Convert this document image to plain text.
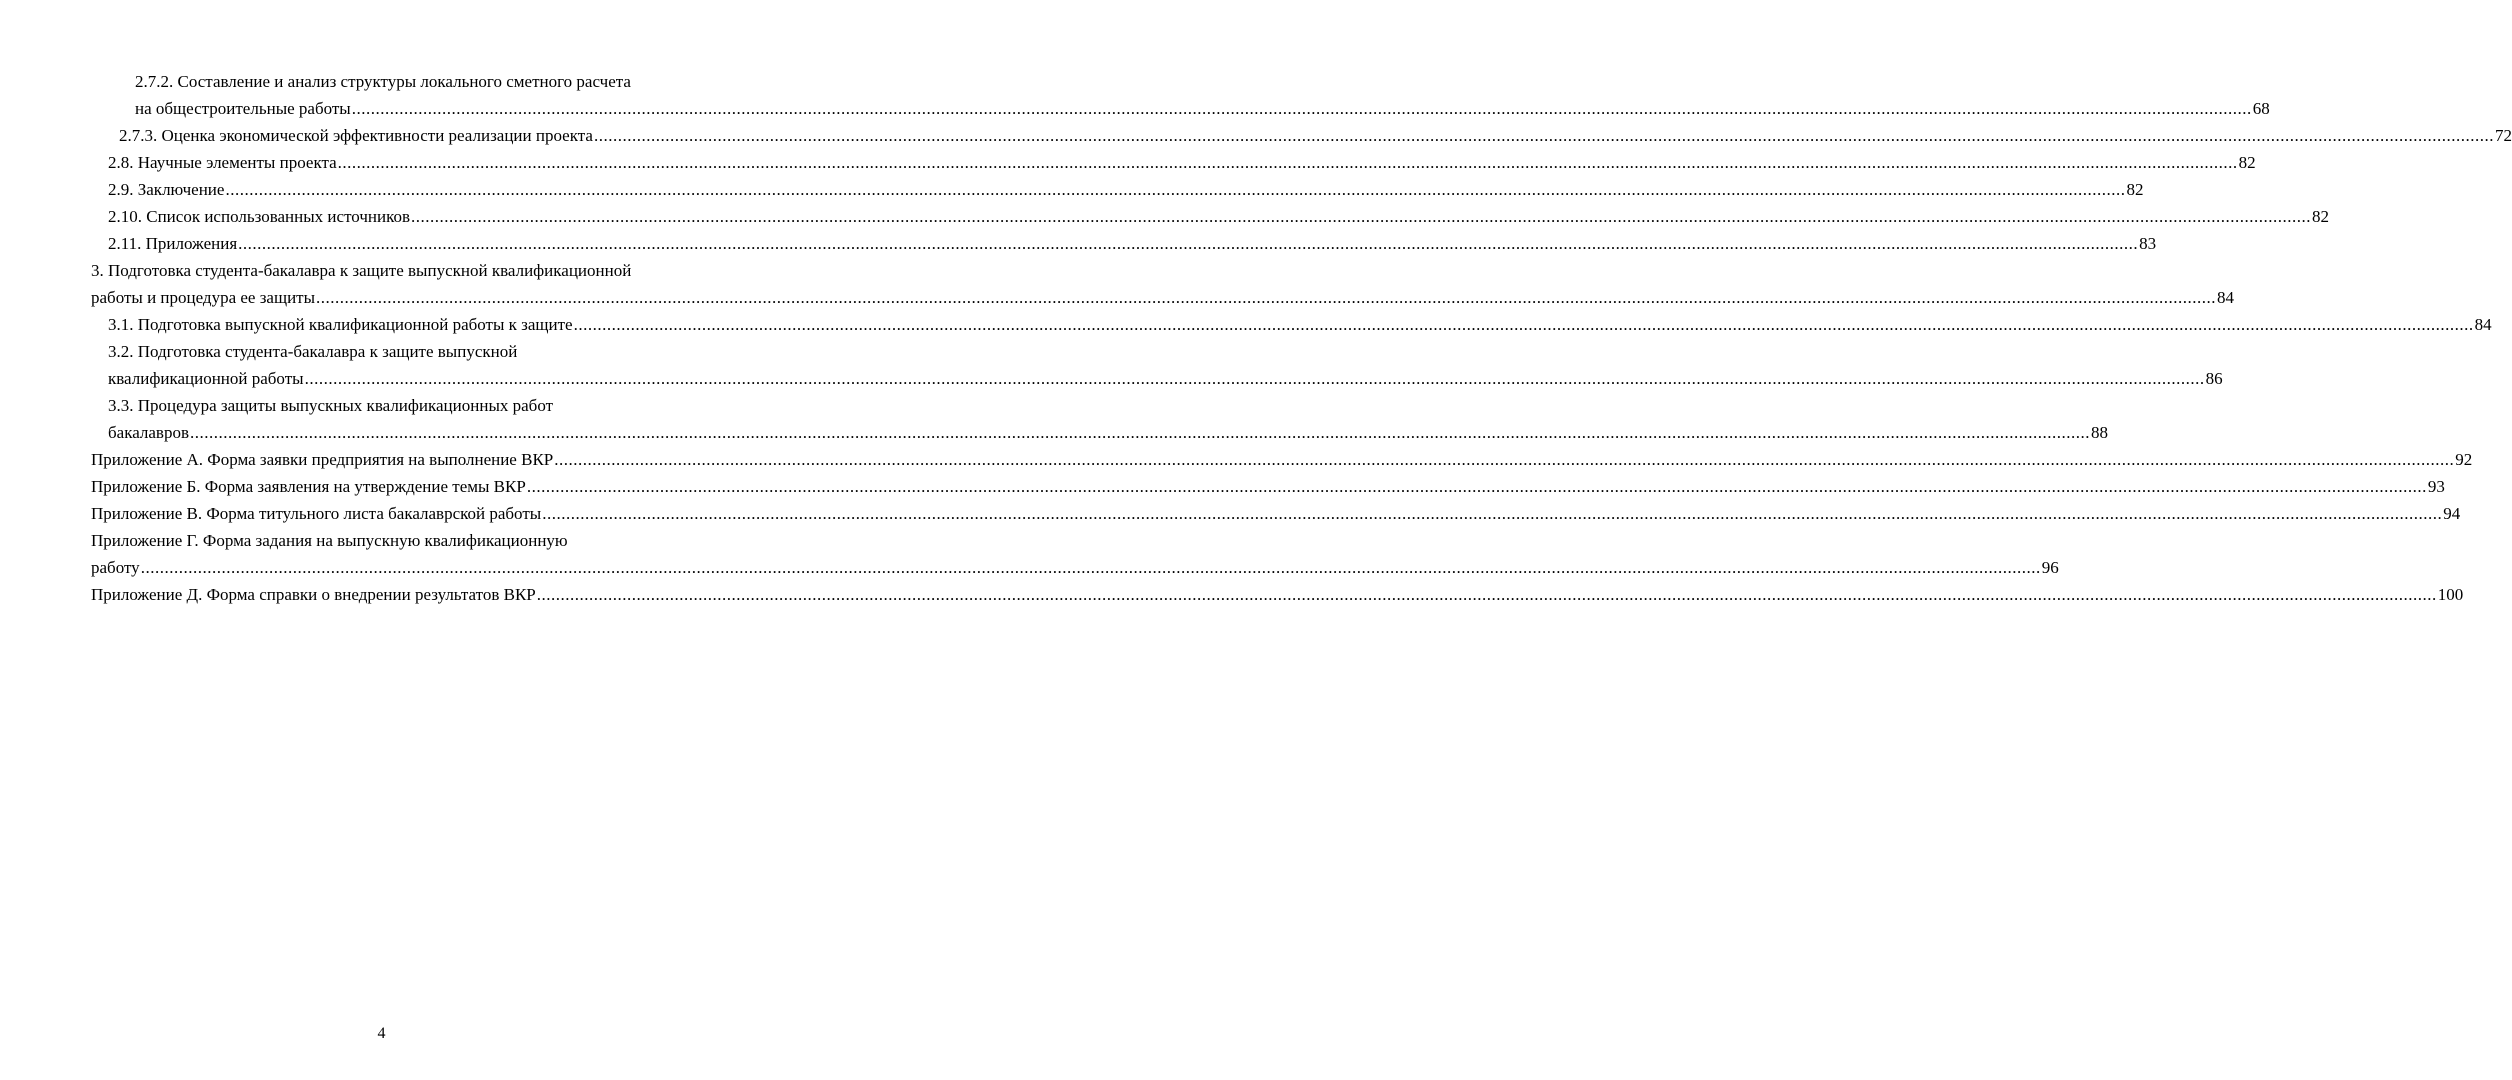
2.7.2. Составление и анализ структуры локального сметного расчета
на общестроительные работы ................................................................................................................................................................................................................................................................................................................................................................................................................ 68
2.7.3. Оценка экономической эффективности реализации проекта ................................................................................................................................................................................................................................................................................................................................................................................................................ 72
2.8. Научные элементы проекта ................................................................................................................................................................................................................................................................................................................................................................................................................ 82
2.9. Заключение ................................................................................................................................................................................................................................................................................................................................................................................................................ 82
2.10. Список использованных источников ................................................................................................................................................................................................................................................................................................................................................................................................................ 82
2.11. Приложения ................................................................................................................................................................................................................................................................................................................................................................................................................ 83
3. Подготовка студента-бакалавра к защите выпускной квалификационной
работы и процедура ее защиты ................................................................................................................................................................................................................................................................................................................................................................................................................ 84
3.1. Подготовка выпускной квалификационной работы к защите ................................................................................................................................................................................................................................................................................................................................................................................................................ 84
3.2. Подготовка студента-бакалавра к защите выпускной
квалификационной работы ................................................................................................................................................................................................................................................................................................................................................................................................................ 86
3.3. Процедура защиты выпускных квалификационных работ
бакалавров ................................................................................................................................................................................................................................................................................................................................................................................................................ 88
Приложение А. Форма заявки предприятия на выполнение ВКР ................................................................................................................................................................................................................................................................................................................................................................................................................ 92
Приложение Б. Форма заявления на утверждение темы ВКР ................................................................................................................................................................................................................................................................................................................................................................................................................ 93
Приложение В. Форма титульного листа бакалаврской работы ................................................................................................................................................................................................................................................................................................................................................................................................................ 94
Приложение Г. Форма задания на выпускную квалификационную
работу ................................................................................................................................................................................................................................................................................................................................................................................................................ 96
Приложение Д. Форма справки о внедрении результатов ВКР ................................................................................................................................................................................................................................................................................................................................................................................................................ 100
4
